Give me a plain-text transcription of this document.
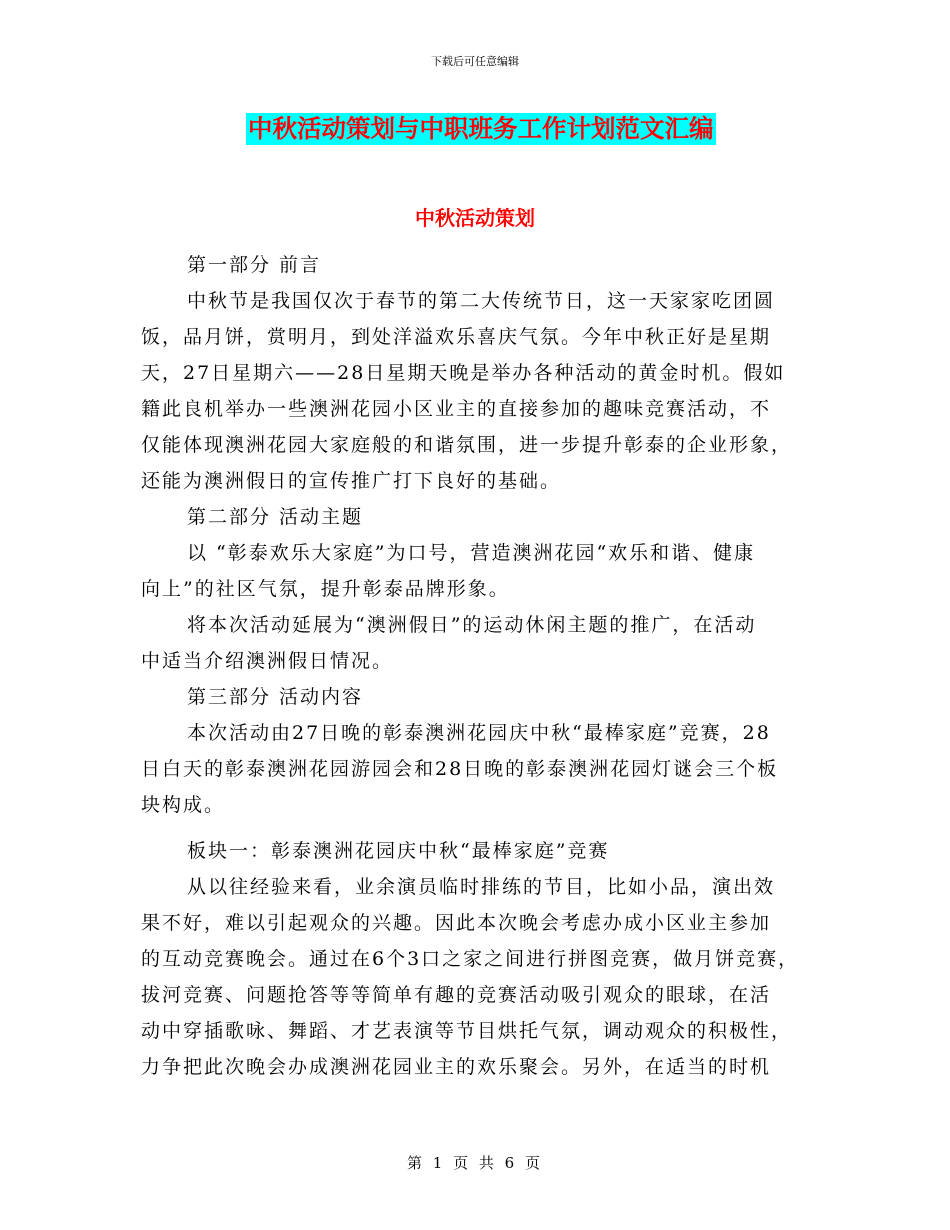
下载后可任意编辑
中秋活动策划与中职班务工作计划范文汇编
中秋活动策划
第一部分 前言
中秋节是我国仅次于春节的第二大传统节日，这一天家家吃团圆
饭，品月饼，赏明月，到处洋溢欢乐喜庆气氛。今年中秋正好是星期
天，27日星期六——28日星期天晚是举办各种活动的黄金时机。假如
籍此良机举办一些澳洲花园小区业主的直接参加的趣味竞赛活动，不
仅能体现澳洲花园大家庭般的和谐氛围，进一步提升彰泰的企业形象，
还能为澳洲假日的宣传推广打下良好的基础。
第二部分 活动主题
以 “彰泰欢乐大家庭”为口号，营造澳洲花园“欢乐和谐、健康
向上”的社区气氛，提升彰泰品牌形象。
将本次活动延展为“澳洲假日”的运动休闲主题的推广，在活动
中适当介绍澳洲假日情况。
第三部分 活动内容
本次活动由27日晚的彰泰澳洲花园庆中秋“最棒家庭”竞赛，28
日白天的彰泰澳洲花园游园会和28日晚的彰泰澳洲花园灯谜会三个板
块构成。
板块一：彰泰澳洲花园庆中秋“最棒家庭”竞赛
从以往经验来看，业余演员临时排练的节目，比如小品，演出效
果不好，难以引起观众的兴趣。因此本次晚会考虑办成小区业主参加
的互动竞赛晚会。通过在6个3口之家之间进行拼图竞赛，做月饼竞赛，
拔河竞赛、问题抢答等等简单有趣的竞赛活动吸引观众的眼球，在活
动中穿插歌咏、舞蹈、才艺表演等节目烘托气氛，调动观众的积极性，
力争把此次晚会办成澳洲花园业主的欢乐聚会。另外，在适当的时机
第 1 页 共 6 页
